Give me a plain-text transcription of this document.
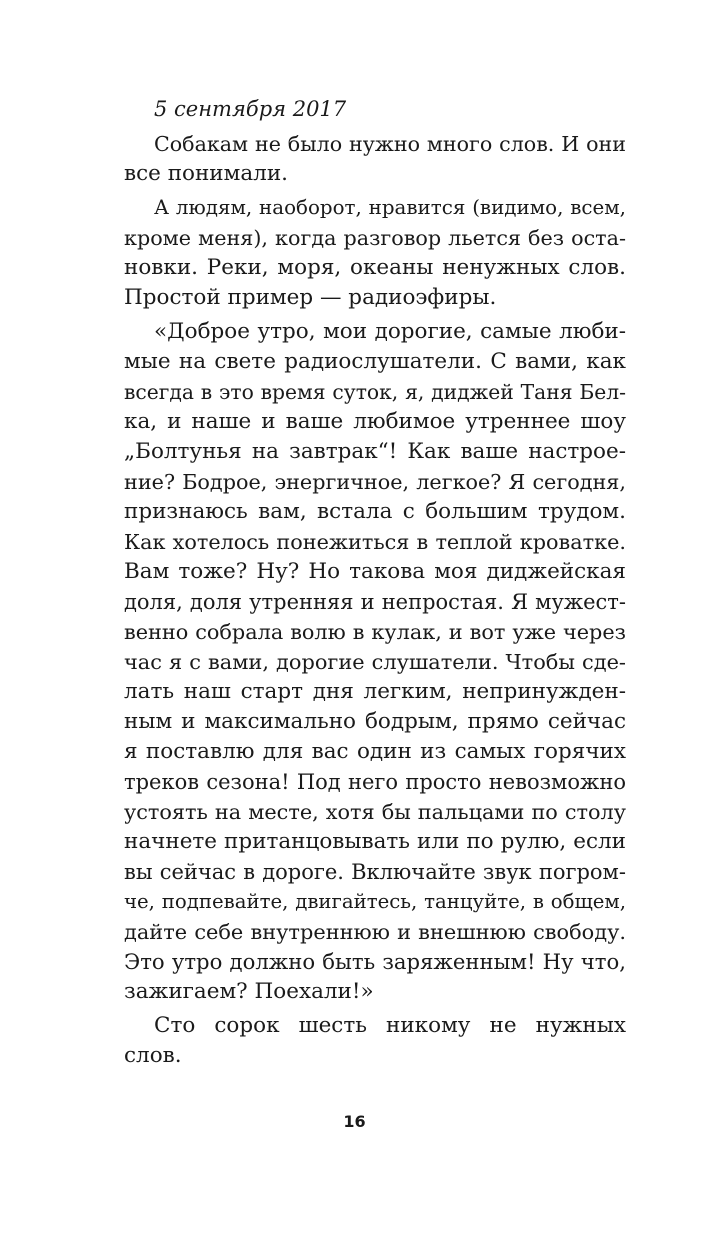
5 сентября 2017
Собакам не было нужно много слов. И они
все понимали.
А людям, наоборот, нравится (видимо, всем,
кроме меня), когда разговор льется без оста-
новки. Реки, моря, океаны ненужных слов.
Простой пример — радиоэфиры.
«Доброе утро, мои дорогие, самые люби-
мые на свете радиослушатели. С вами, как
всегда в это время суток, я, диджей Таня Бел-
ка, и наше и ваше любимое утреннее шоу
„Болтунья на завтрак“! Как ваше настрое-
ние? Бодрое, энергичное, легкое? Я сегодня,
признаюсь вам, встала с большим трудом.
Как хотелось понежиться в теплой кроватке.
Вам тоже? Ну? Но такова моя диджейская
доля, доля утренняя и непростая. Я мужест-
венно собрала волю в кулак, и вот уже через
час я с вами, дорогие слушатели. Чтобы сде-
лать наш старт дня легким, непринужден-
ным и максимально бодрым, прямо сейчас
я поставлю для вас один из самых горячих
треков сезона! Под него просто невозможно
устоять на месте, хотя бы пальцами по столу
начнете пританцовывать или по рулю, если
вы сейчас в дороге. Включайте звук погром-
че, подпевайте, двигайтесь, танцуйте, в общем,
дайте себе внутреннюю и внешнюю свободу.
Это утро должно быть заряженным! Ну что,
зажигаем? Поехали!»
Сто сорок шесть никому не нужных
слов.
16
